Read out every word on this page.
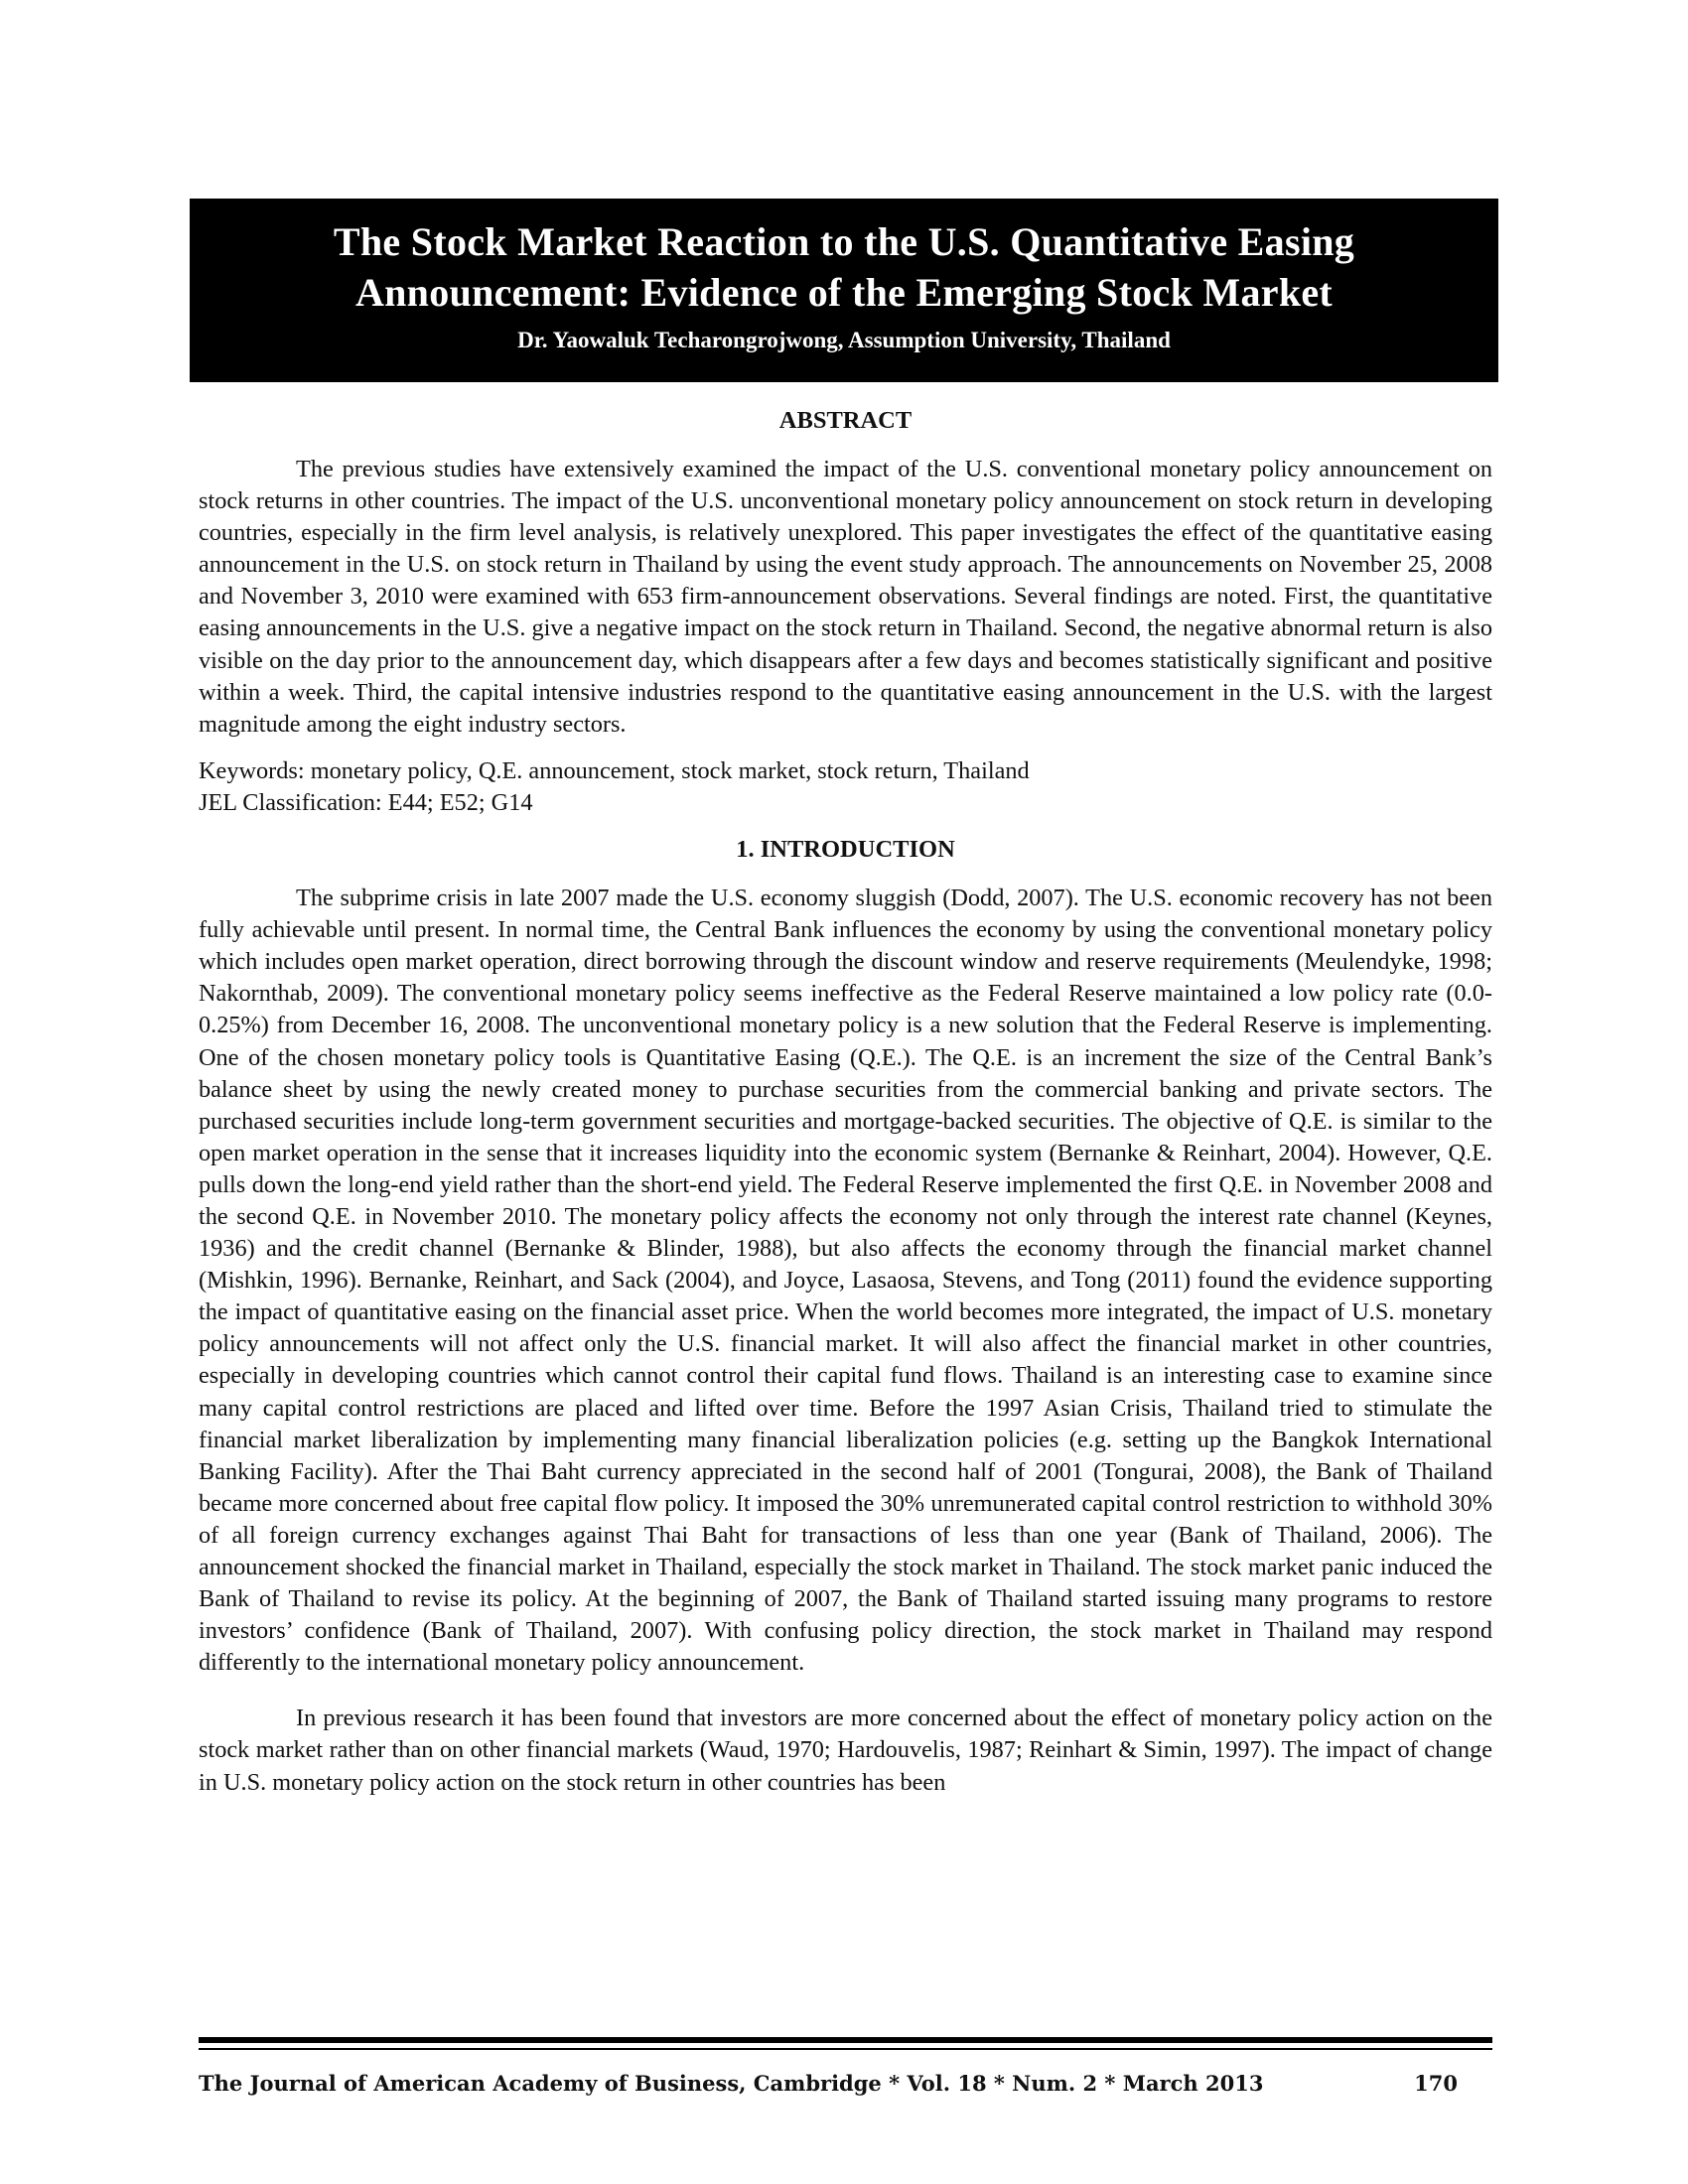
The Stock Market Reaction to the U.S. Quantitative Easing
Announcement: Evidence of the Emerging Stock Market
Dr. Yaowaluk Techarongrojwong, Assumption University, Thailand
ABSTRACT

The previous studies have extensively examined the impact of the U.S. conventional monetary policy announcement on stock returns in other countries. The impact of the U.S. unconventional monetary policy announcement on stock return in developing countries, especially in the firm level analysis, is relatively unexplored. This paper investigates the effect of the quantitative easing announcement in the U.S. on stock return in Thailand by using the event study approach. The announcements on November 25, 2008 and November 3, 2010 were examined with 653 firm-announcement observations. Several findings are noted. First, the quantitative easing announcements in the U.S. give a negative impact on the stock return in Thailand. Second, the negative abnormal return is also visible on the day prior to the announcement day, which disappears after a few days and becomes statistically significant and positive within a week. Third, the capital intensive industries respond to the quantitative easing announcement in the U.S. with the largest magnitude among the eight industry sectors.

Keywords: monetary policy, Q.E. announcement, stock market, stock return, Thailand

JEL Classification: E44; E52; G14

1. INTRODUCTION

The subprime crisis in late 2007 made the U.S. economy sluggish (Dodd, 2007). The U.S. economic recovery has not been fully achievable until present. In normal time, the Central Bank influences the economy by using the conventional monetary policy which includes open market operation, direct borrowing through the discount window and reserve requirements (Meulendyke, 1998; Nakornthab, 2009). The conventional monetary policy seems ineffective as the Federal Reserve maintained a low policy rate (0.0-0.25%) from December 16, 2008. The unconventional monetary policy is a new solution that the Federal Reserve is implementing. One of the chosen monetary policy tools is Quantitative Easing (Q.E.). The Q.E. is an increment the size of the Central Bank’s balance sheet by using the newly created money to purchase securities from the commercial banking and private sectors. The purchased securities include long-term government securities and mortgage-backed securities. The objective of Q.E. is similar to the open market operation in the sense that it increases liquidity into the economic system (Bernanke & Reinhart, 2004). However, Q.E. pulls down the long-end yield rather than the short-end yield. The Federal Reserve implemented the first Q.E. in November 2008 and the second Q.E. in November 2010. The monetary policy affects the economy not only through the interest rate channel (Keynes, 1936) and the credit channel (Bernanke & Blinder, 1988), but also affects the economy through the financial market channel (Mishkin, 1996). Bernanke, Reinhart, and Sack (2004), and Joyce, Lasaosa, Stevens, and Tong (2011) found the evidence supporting the impact of quantitative easing on the financial asset price. When the world becomes more integrated, the impact of U.S. monetary policy announcements will not affect only the U.S. financial market. It will also affect the financial market in other countries, especially in developing countries which cannot control their capital fund flows. Thailand is an interesting case to examine since many capital control restrictions are placed and lifted over time. Before the 1997 Asian Crisis, Thailand tried to stimulate the financial market liberalization by implementing many financial liberalization policies (e.g. setting up the Bangkok International Banking Facility). After the Thai Baht currency appreciated in the second half of 2001 (Tongurai, 2008), the Bank of Thailand became more concerned about free capital flow policy. It imposed the 30% unremunerated capital control restriction to withhold 30% of all foreign currency exchanges against Thai Baht for transactions of less than one year (Bank of Thailand, 2006). The announcement shocked the financial market in Thailand, especially the stock market in Thailand. The stock market panic induced the Bank of Thailand to revise its policy. At the beginning of 2007, the Bank of Thailand started issuing many programs to restore investors’ confidence (Bank of Thailand, 2007). With confusing policy direction, the stock market in Thailand may respond differently to the international monetary policy announcement.

In previous research it has been found that investors are more concerned about the effect of monetary policy action on the stock market rather than on other financial markets (Waud, 1970; Hardouvelis, 1987; Reinhart & Simin, 1997). The impact of change in U.S. monetary policy action on the stock return in other countries has been

The Journal of American Academy of Business, Cambridge * Vol. 18 * Num. 2 * March 2013	170
